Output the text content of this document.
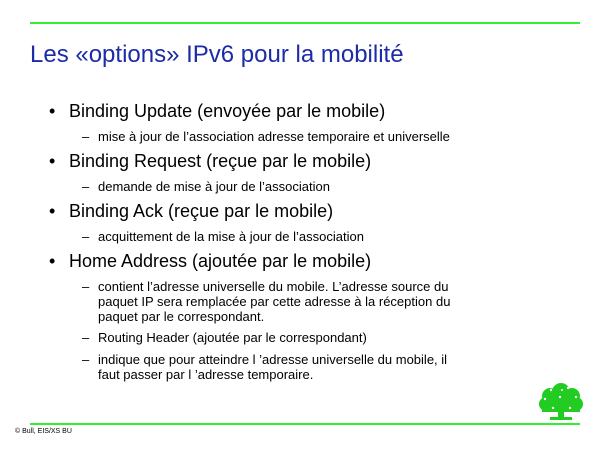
Les «options» IPv6 pour la mobilité
• Binding Update (envoyée par le mobile)
– mise à jour de l’association adresse temporaire et universelle
• Binding Request (reçue par le mobile)
– demande de mise à jour de l’association
• Binding Ack (reçue par le mobile)
– acquittement de la mise à jour de l’association
• Home Address (ajoutée par le mobile)
– contient l’adresse universelle du mobile. L’adresse source du
paquet IP sera remplacée par cette adresse à la réception du
paquet par le correspondant.
– Routing Header (ajoutée par le correspondant)
– indique que pour atteindre l ’adresse universelle du mobile, il
faut passer par l ’adresse temporaire.
© Bull, EIS/XS BU
